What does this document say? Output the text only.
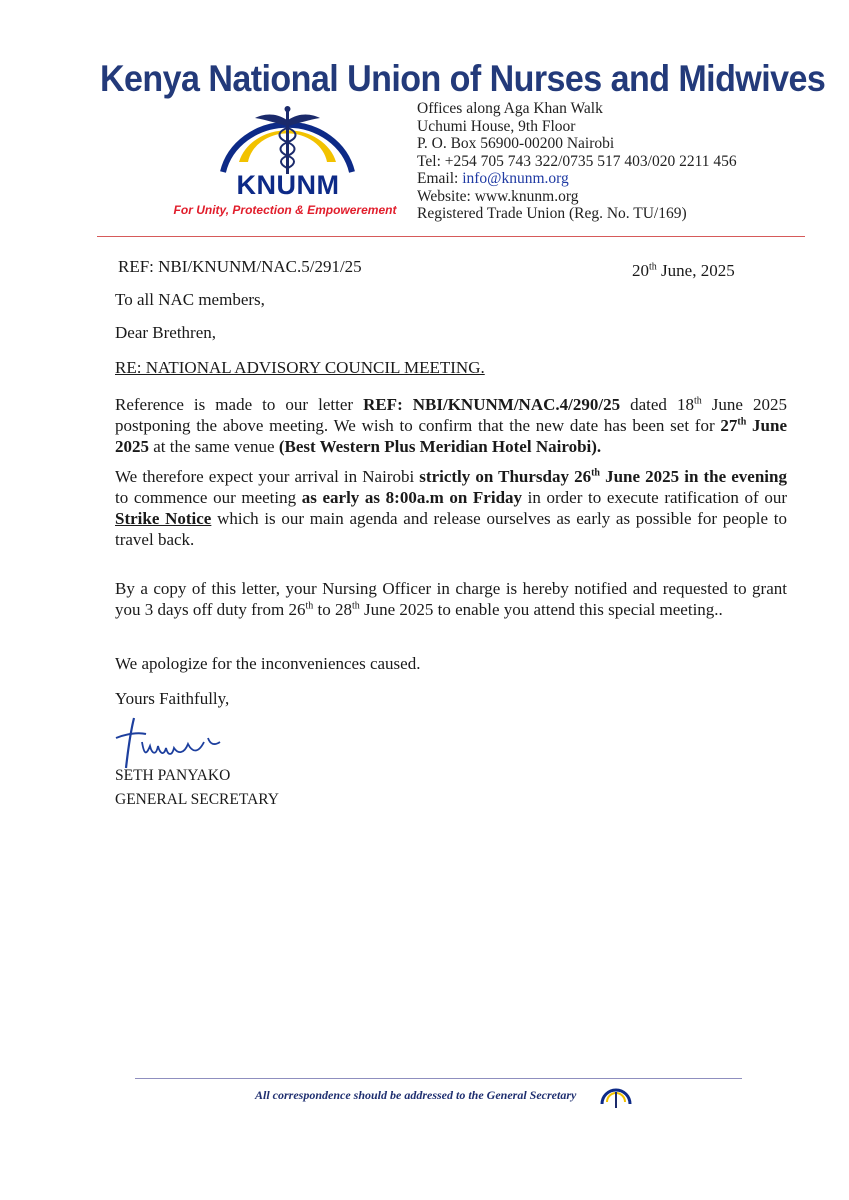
Kenya National Union of Nurses and Midwives
KNUNM
For Unity, Protection & Empowerement
Offices along Aga Khan Walk
Uchumi House, 9th Floor
P. O. Box 56900-00200 Nairobi
Tel: +254 705 743 322/0735 517 403/020 2211 456
Email: info@knunm.org
Website: www.knunm.org
Registered Trade Union (Reg. No. TU/169)
REF: NBI/KNUNM/NAC.5/291/25	20th June, 2025
To all NAC members,
Dear Brethren,
RE: NATIONAL ADVISORY COUNCIL MEETING.
Reference is made to our letter REF: NBI/KNUNM/NAC.4/290/25 dated 18th June 2025 postponing the above meeting. We wish to confirm that the new date has been set for 27th June 2025 at the same venue (Best Western Plus Meridian Hotel Nairobi).
We therefore expect your arrival in Nairobi strictly on Thursday 26th June 2025 in the evening to commence our meeting as early as 8:00a.m on Friday in order to execute ratification of our Strike Notice which is our main agenda and release ourselves as early as possible for people to travel back.
By a copy of this letter, your Nursing Officer in charge is hereby notified and requested to grant you 3 days off duty from 26th to 28th June 2025 to enable you attend this special meeting..
We apologize for the inconveniences caused.
Yours Faithfully,
SETH PANYAKO
GENERAL SECRETARY
All correspondence should be addressed to the General Secretary
